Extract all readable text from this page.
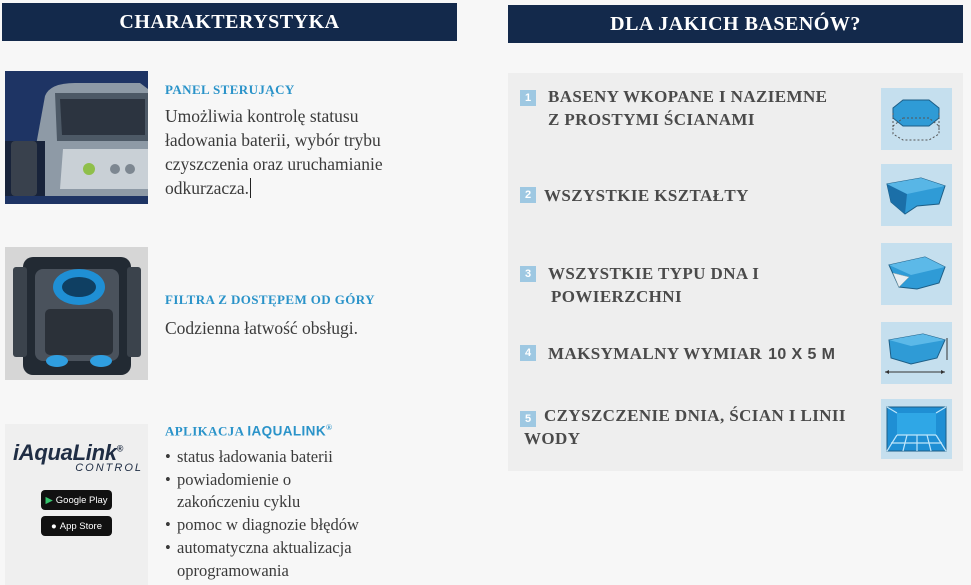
CHARAKTERYSTYKA	DLA JAKICH BASENÓW?
PANEL STERUJĄCY
Umożliwia kontrolę statusu
ładowania baterii, wybór trybu
czyszczenia oraz uruchamianie
odkurzacza.
FILTRA Z DOSTĘPEM OD GÓRY
Codzienna łatwość obsługi.
iAquaLink®
CONTROL
▶ Google Play
● App Store
APLIKACJA IAQUALINK®
• status ładowania baterii
• powiadomienie o
zakończeniu cyklu
• pomoc w diagnozie błędów
• automatyczna aktualizacja
oprogramowania
1 BASENY WKOPANE I NAZIEMNE
Z PROSTYMI ŚCIANAMI
2 WSZYSTKIE KSZTAŁTY
3 WSZYSTKIE TYPU DNA I
POWIERZCHNI
4 MAKSYMALNY WYMIAR 10 X 5 M
5 CZYSZCZENIE DNIA, ŚCIAN I LINII
WODY
